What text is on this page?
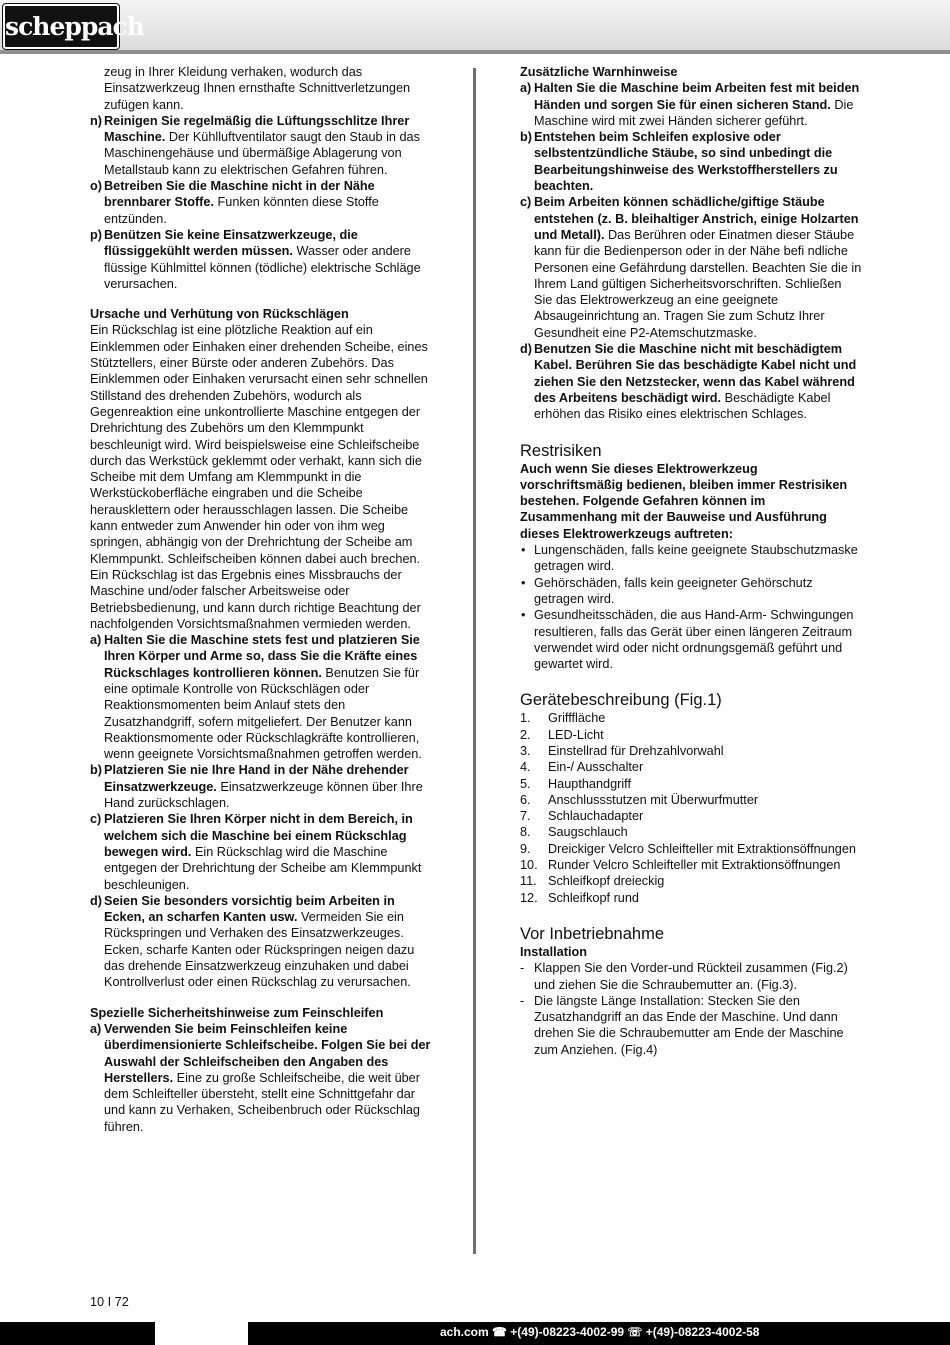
scheppach

zeug in Ihrer Kleidung verhaken, wodurch das Einsatzwerkzeug Ihnen ernsthafte Schnittverletzungen zufügen kann.

n) Reinigen Sie regelmäßig die Lüftungsschlitze Ihrer Maschine. Der Kühlluftventilator saugt den Staub in das Maschinengehäuse und übermäßige Ablagerung von Metallstaub kann zu elektrischen Gefahren führen.

o) Betreiben Sie die Maschine nicht in der Nähe brennbarer Stoffe. Funken könnten diese Stoffe entzünden.

p) Benützen Sie keine Einsatzwerkzeuge, die flüssiggekühlt werden müssen. Wasser oder andere flüssige Kühlmittel können (tödliche) elektrische Schläge verursachen.

Ursache und Verhütung von Rückschlägen

Ein Rückschlag ist eine plötzliche Reaktion auf ein Einklemmen oder Einhaken einer drehenden Scheibe, eines Stütztellers, einer Bürste oder anderen Zubehörs. Das Einklemmen oder Einhaken verursacht einen sehr schnellen Stillstand des drehenden Zubehörs, wodurch als Gegenreaktion eine unkontrollierte Maschine entgegen der Drehrichtung des Zubehörs um den Klemmpunkt beschleunigt wird. Wird beispielsweise eine Schleifscheibe durch das Werkstück geklemmt oder verhakt, kann sich die Scheibe mit dem Umfang am Klemmpunkt in die Werkstückoberfläche eingraben und die Scheibe herausklettern oder herausschlagen lassen. Die Scheibe kann entweder zum Anwender hin oder von ihm weg springen, abhängig von der Drehrichtung der Scheibe am Klemmpunkt. Schleifscheiben können dabei auch brechen. Ein Rückschlag ist das Ergebnis eines Missbrauchs der Maschine und/oder falscher Arbeitsweise oder Betriebsbedienung, und kann durch richtige Beachtung der nachfolgenden Vorsichtsmaßnahmen vermieden werden.

a) Halten Sie die Maschine stets fest und platzieren Sie Ihren Körper und Arme so, dass Sie die Kräfte eines Rückschlages kontrollieren können. Benutzen Sie für eine optimale Kontrolle von Rückschlägen oder Reaktionsmomenten beim Anlauf stets den Zusatzhandgriff, sofern mitgeliefert. Der Benutzer kann Reaktionsmomente oder Rückschlagkräfte kontrollieren, wenn geeignete Vorsichtsmaßnahmen getroffen werden.

b) Platzieren Sie nie Ihre Hand in der Nähe drehender Einsatzwerkzeuge. Einsatzwerkzeuge können über Ihre Hand zurückschlagen.

c) Platzieren Sie Ihren Körper nicht in dem Bereich, in welchem sich die Maschine bei einem Rückschlag bewegen wird. Ein Rückschlag wird die Maschine entgegen der Drehrichtung der Scheibe am Klemmpunkt beschleunigen.

d) Seien Sie besonders vorsichtig beim Arbeiten in Ecken, an scharfen Kanten usw. Vermeiden Sie ein Rückspringen und Verhaken des Einsatzwerkzeuges. Ecken, scharfe Kanten oder Rückspringen neigen dazu das drehende Einsatzwerkzeug einzuhaken und dabei Kontrollverlust oder einen Rückschlag zu verursachen.

Spezielle Sicherheitshinweise zum Feinschleifen

a) Verwenden Sie beim Feinschleifen keine überdimensionierte Schleifscheibe. Folgen Sie bei der Auswahl der Schleifscheiben den Angaben des Herstellers. Eine zu große Schleifscheibe, die weit über dem Schleifteller übersteht, stellt eine Schnittgefahr dar und kann zu Verhaken, Scheibenbruch oder Rückschlag führen.

Zusätzliche Warnhinweise

a) Halten Sie die Maschine beim Arbeiten fest mit beiden Händen und sorgen Sie für einen sicheren Stand. Die Maschine wird mit zwei Händen sicherer geführt.

b) Entstehen beim Schleifen explosive oder selbstentzündliche Stäube, so sind unbedingt die Bearbeitungshinweise des Werkstoffherstellers zu beachten.

c) Beim Arbeiten können schädliche/giftige Stäube entstehen (z. B. bleihaltiger Anstrich, einige Holzarten und Metall). Das Berühren oder Einatmen dieser Stäube kann für die Bedienperson oder in der Nähe befi ndliche Personen eine Gefährdung darstellen. Beachten Sie die in Ihrem Land gültigen Sicherheitsvorschriften. Schließen Sie das Elektrowerkzeug an eine geeignete Absaugeinrichtung an. Tragen Sie zum Schutz Ihrer Gesundheit eine P2-Atemschutzmaske.

d) Benutzen Sie die Maschine nicht mit beschädigtem Kabel. Berühren Sie das beschädigte Kabel nicht und ziehen Sie den Netzstecker, wenn das Kabel während des Arbeitens beschädigt wird. Beschädigte Kabel erhöhen das Risiko eines elektrischen Schlages.

Restrisiken

Auch wenn Sie dieses Elektrowerkzeug vorschriftsmäßig bedienen, bleiben immer Restrisiken bestehen. Folgende Gefahren können im Zusammenhang mit der Bauweise und Ausführung dieses Elektrowerkzeugs auftreten:

• Lungenschäden, falls keine geeignete Staubschutzmaske getragen wird.

• Gehörschäden, falls kein geeigneter Gehörschutz getragen wird.

• Gesundheitsschäden, die aus Hand-Arm- Schwingungen resultieren, falls das Gerät über einen längeren Zeitraum verwendet wird oder nicht ordnungsgemäß geführt und gewartet wird.

Gerätebeschreibung (Fig.1)

1. Grifffläche

2. LED-Licht

3. Einstellrad für Drehzahlvorwahl

4. Ein-/ Ausschalter

5. Haupthandgriff

6. Anschlussstutzen mit Überwurfmutter

7. Schlauchadapter

8. Saugschlauch

9. Dreickiger Velcro Schleifteller mit Extraktionsöffnungen

10. Runder Velcro Schleifteller mit Extraktionsöffnungen

11. Schleifkopf dreieckig

12. Schleifkopf rund

Vor Inbetriebnahme

Installation

- Klappen Sie den Vorder-und Rückteil zusammen (Fig.2) und ziehen Sie die Schraubemutter an. (Fig.3).

- Die längste Länge Installation: Stecken Sie den Zusatzhandgriff an das Ende der Maschine. Und dann drehen Sie die Schraubemutter am Ende der Maschine zum Anziehen. (Fig.4)

10 I 72
ach.com ☎ +(49)-08223-4002-99 ☏ +(49)-08223-4002-58
